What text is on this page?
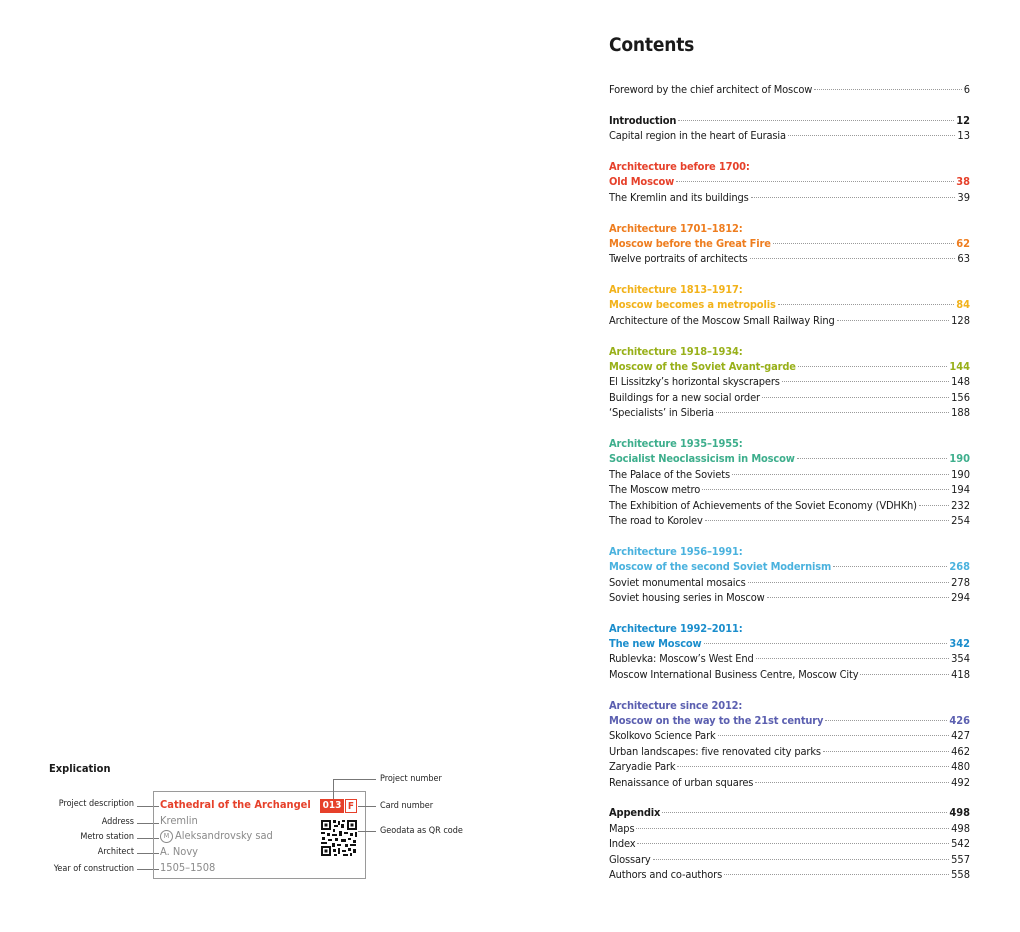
Contents
Foreword by the chief architect of Moscow	6
Introduction	12
Capital region in the heart of Eurasia	13
Architecture before 1700:
Old Moscow	38
The Kremlin and its buildings	39
Architecture 1701–1812:
Moscow before the Great Fire	62
Twelve portraits of architects	63
Architecture 1813–1917:
Moscow becomes a metropolis	84
Architecture of the Moscow Small Railway Ring	128
Architecture 1918–1934:
Moscow of the Soviet Avant-garde	144
El Lissitzky’s horizontal skyscrapers	148
Buildings for a new social order	156
‘Specialists’ in Siberia	188
Architecture 1935–1955:
Socialist Neoclassicism in Moscow	190
The Palace of the Soviets	190
The Moscow metro	194
The Exhibition of Achievements of the Soviet Economy (VDHKh)	232
The road to Korolev	254
Architecture 1956–1991:
Moscow of the second Soviet Modernism	268
Soviet monumental mosaics	278
Soviet housing series in Moscow	294
Architecture 1992–2011:
The new Moscow	342
Rublevka: Moscow’s West End	354
Moscow International Business Centre, Moscow City	418
Architecture since 2012:
Moscow on the way to the 21st century	426
Skolkovo Science Park	427
Urban landscapes: five renovated city parks	462
Zaryadie Park	480
Renaissance of urban squares	492
Appendix	498
Maps	498
Index	542
Glossary	557
Authors and co-authors	558
Explication
Project description
Address
Metro station
Architect
Year of construction
Cathedral of the Archangel
Kremlin
M Aleksandrovsky sad
A. Novy
1505–1508
013 F
Project number
Card number
Geodata as QR code
